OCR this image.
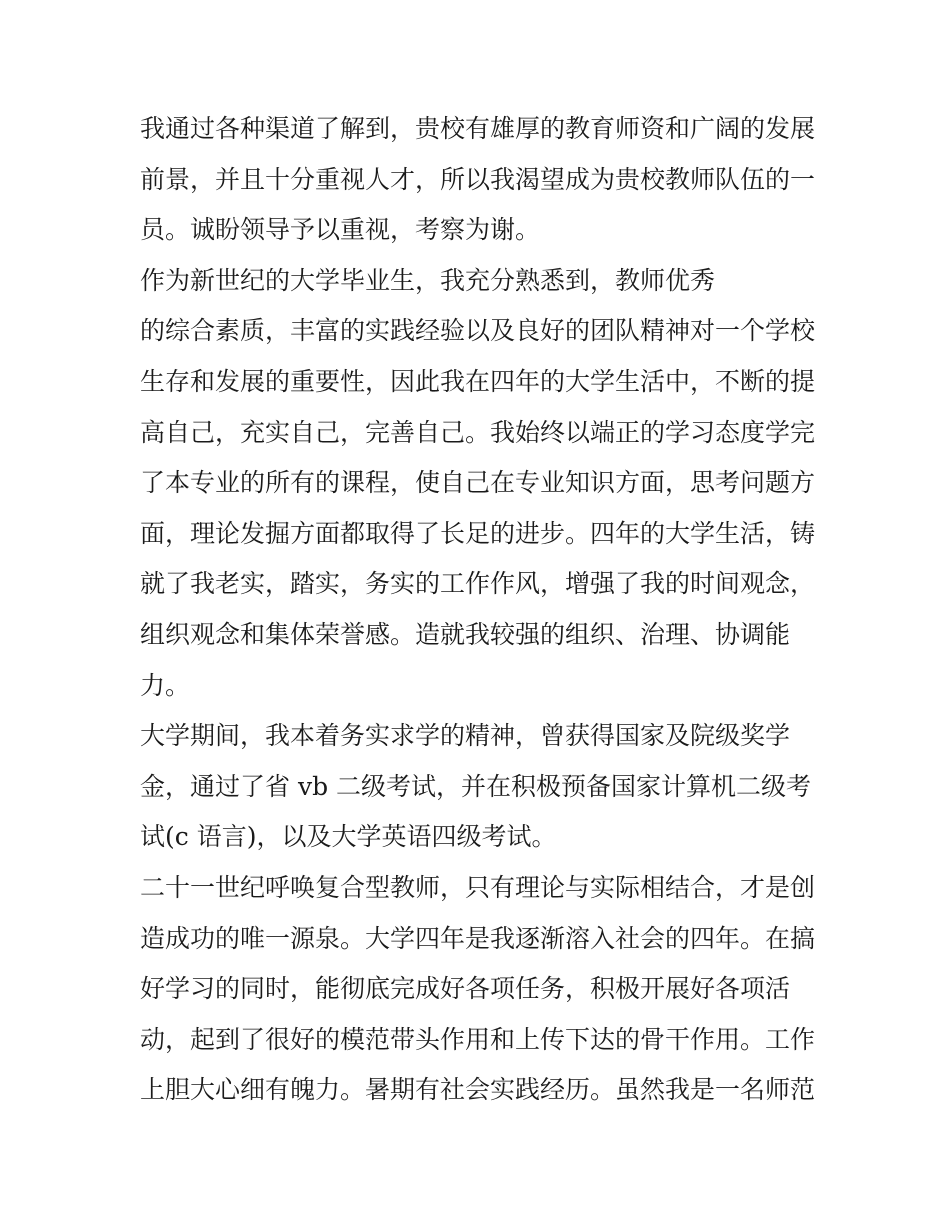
我通过各种渠道了解到，贵校有雄厚的教育师资和广阔的发展
前景，并且十分重视人才，所以我渴望成为贵校教师队伍的一
员。诚盼领导予以重视，考察为谢。
作为新世纪的大学毕业生，我充分熟悉到，教师优秀
的综合素质，丰富的实践经验以及良好的团队精神对一个学校
生存和发展的重要性，因此我在四年的大学生活中，不断的提
高自己，充实自己，完善自己。我始终以端正的学习态度学完
了本专业的所有的课程，使自己在专业知识方面，思考问题方
面，理论发掘方面都取得了长足的进步。四年的大学生活，铸
就了我老实，踏实，务实的工作作风，增强了我的时间观念，
组织观念和集体荣誉感。造就我较强的组织、治理、协调能
力。
大学期间，我本着务实求学的精神，曾获得国家及院级奖学
金，通过了省 vb 二级考试，并在积极预备国家计算机二级考
试(c 语言)，以及大学英语四级考试。
二十一世纪呼唤复合型教师，只有理论与实际相结合，才是创
造成功的唯一源泉。大学四年是我逐渐溶入社会的四年。在搞
好学习的同时，能彻底完成好各项任务，积极开展好各项活
动，起到了很好的模范带头作用和上传下达的骨干作用。工作
上胆大心细有魄力。暑期有社会实践经历。虽然我是一名师范
